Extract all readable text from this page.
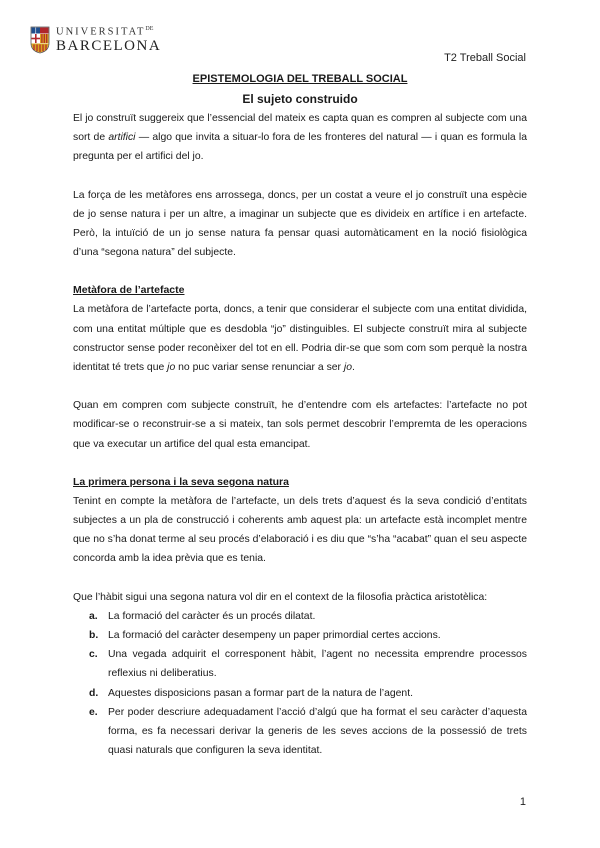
$UNIVERSITAT^{DE}$
BARCELONA
T2 Treball Social
EPISTEMOLOGIA DEL TREBALL SOCIAL
El sujeto construido

El jo construït suggereix que l’essencial del mateix es capta quan es compren al subjecte com una sort de artifici — algo que invita a situar-lo fora de les fronteres del natural — i quan es formula la pregunta per el artifici del jo.

La força de les metàfores ens arrossega, doncs, per un costat a veure el jo construït una espècie de jo sense natura i per un altre, a imaginar un subjecte que es divideix en artífice i en artefacte. Però, la intuïció de un jo sense natura fa pensar quasi automàticament en la noció fisiològica d’una “segona natura” del subjecte.

Metàfora de l’artefacte

La metàfora de l’artefacte porta, doncs, a tenir que considerar el subjecte com una entitat dividida, com una entitat múltiple que es desdobla “jo” distinguibles. El subjecte construït mira al subjecte constructor sense poder reconèixer del tot en ell. Podria dir-se que som com som perquè la nostra identitat té trets que jo no puc variar sense renunciar a ser jo.

Quan em compren com subjecte construït, he d’entendre com els artefactes: l’artefacte no pot modificar-se o reconstruir-se a si mateix, tan sols permet descobrir l’empremta de les operacions que va executar un artifice del qual esta emancipat.

La primera persona i la seva segona natura

Tenint en compte la metàfora de l’artefacte, un dels trets d’aquest és la seva condició d’entitats subjectes a un pla de construcció i coherents amb aquest pla: un artefacte està incomplet mentre que no s’ha donat terme al seu procés d’elaboració i es diu que “s’ha “acabat” quan el seu aspecte concorda amb la idea prèvia que es tenia.

Que l’hàbit sigui una segona natura vol dir en el context de la filosofia pràctica aristotèlica:

a. La formació del caràcter és un procés dilatat.
b. La formació del caràcter desempeny un paper primordial certes accions.
c. Una vegada adquirit el corresponent hàbit, l’agent no necessita emprendre processos reflexius ni deliberatius.
d. Aquestes disposicions pasan a formar part de la natura de l’agent.
e. Per poder descriure adequadament l’acció d’algú que ha format el seu caràcter d’aquesta forma, es fa necessari derivar la generis de les seves accions de la possessió de trets quasi naturals que configuren la seva identitat.
1
